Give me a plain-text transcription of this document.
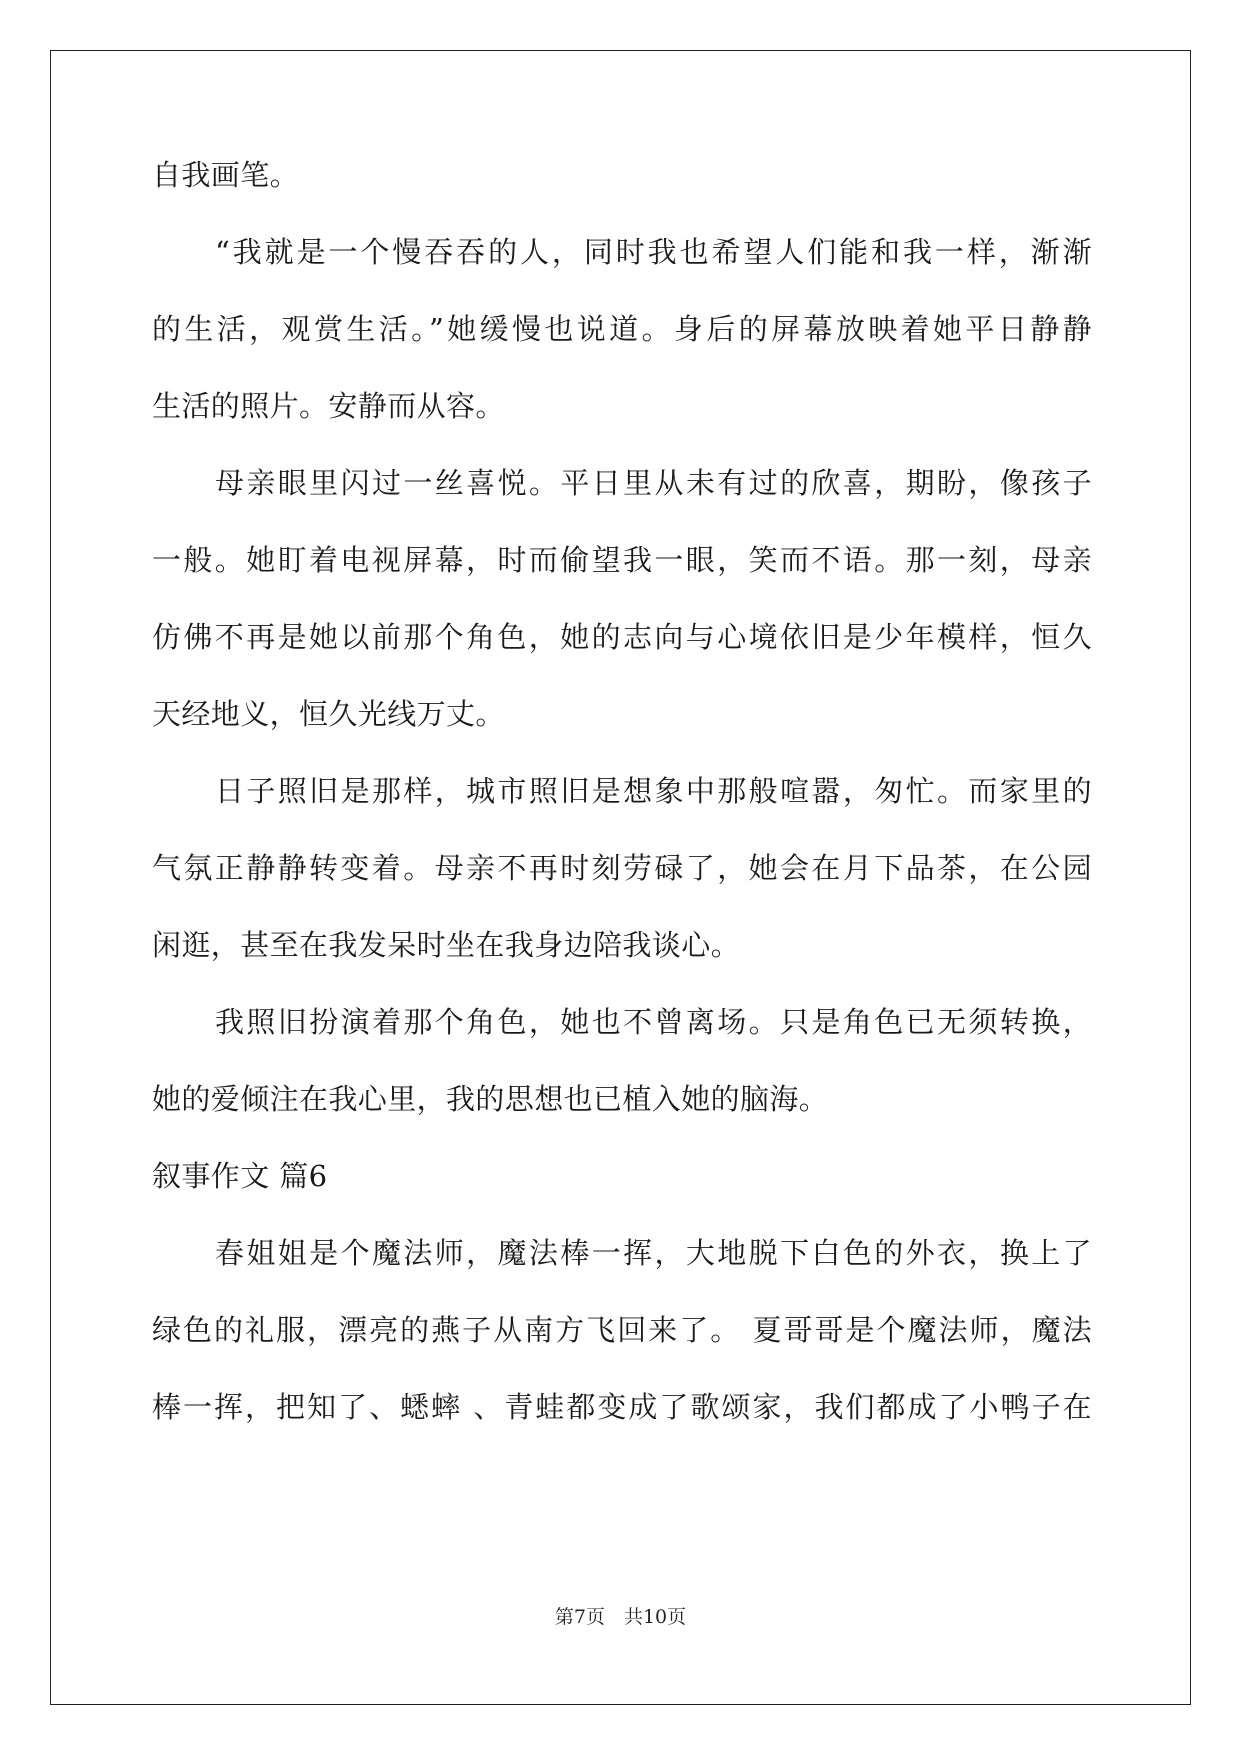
自我画笔。
“我就是一个慢吞吞的人，同时我也希望人们能和我一样，渐渐
的生活，观赏生活。”她缓慢也说道。身后的屏幕放映着她平日静静
生活的照片。安静而从容。
母亲眼里闪过一丝喜悦。平日里从未有过的欣喜，期盼，像孩子
一般。她盯着电视屏幕，时而偷望我一眼，笑而不语。那一刻，母亲
仿佛不再是她以前那个角色，她的志向与心境依旧是少年模样，恒久
天经地义，恒久光线万丈。
日子照旧是那样，城市照旧是想象中那般喧嚣，匆忙。而家里的
气氛正静静转变着。母亲不再时刻劳碌了，她会在月下品茶，在公园
闲逛，甚至在我发呆时坐在我身边陪我谈心。
我照旧扮演着那个角色，她也不曾离场。只是角色已无须转换，
她的爱倾注在我心里，我的思想也已植入她的脑海。
叙事作文 篇6
春姐姐是个魔法师，魔法棒一挥，大地脱下白色的外衣，换上了
绿色的礼服，漂亮的燕子从南方飞回来了。 夏哥哥是个魔法师，魔法
棒一挥，把知了、蟋蟀 、青蛙都变成了歌颂家，我们都成了小鸭子在
第7页　共10页
